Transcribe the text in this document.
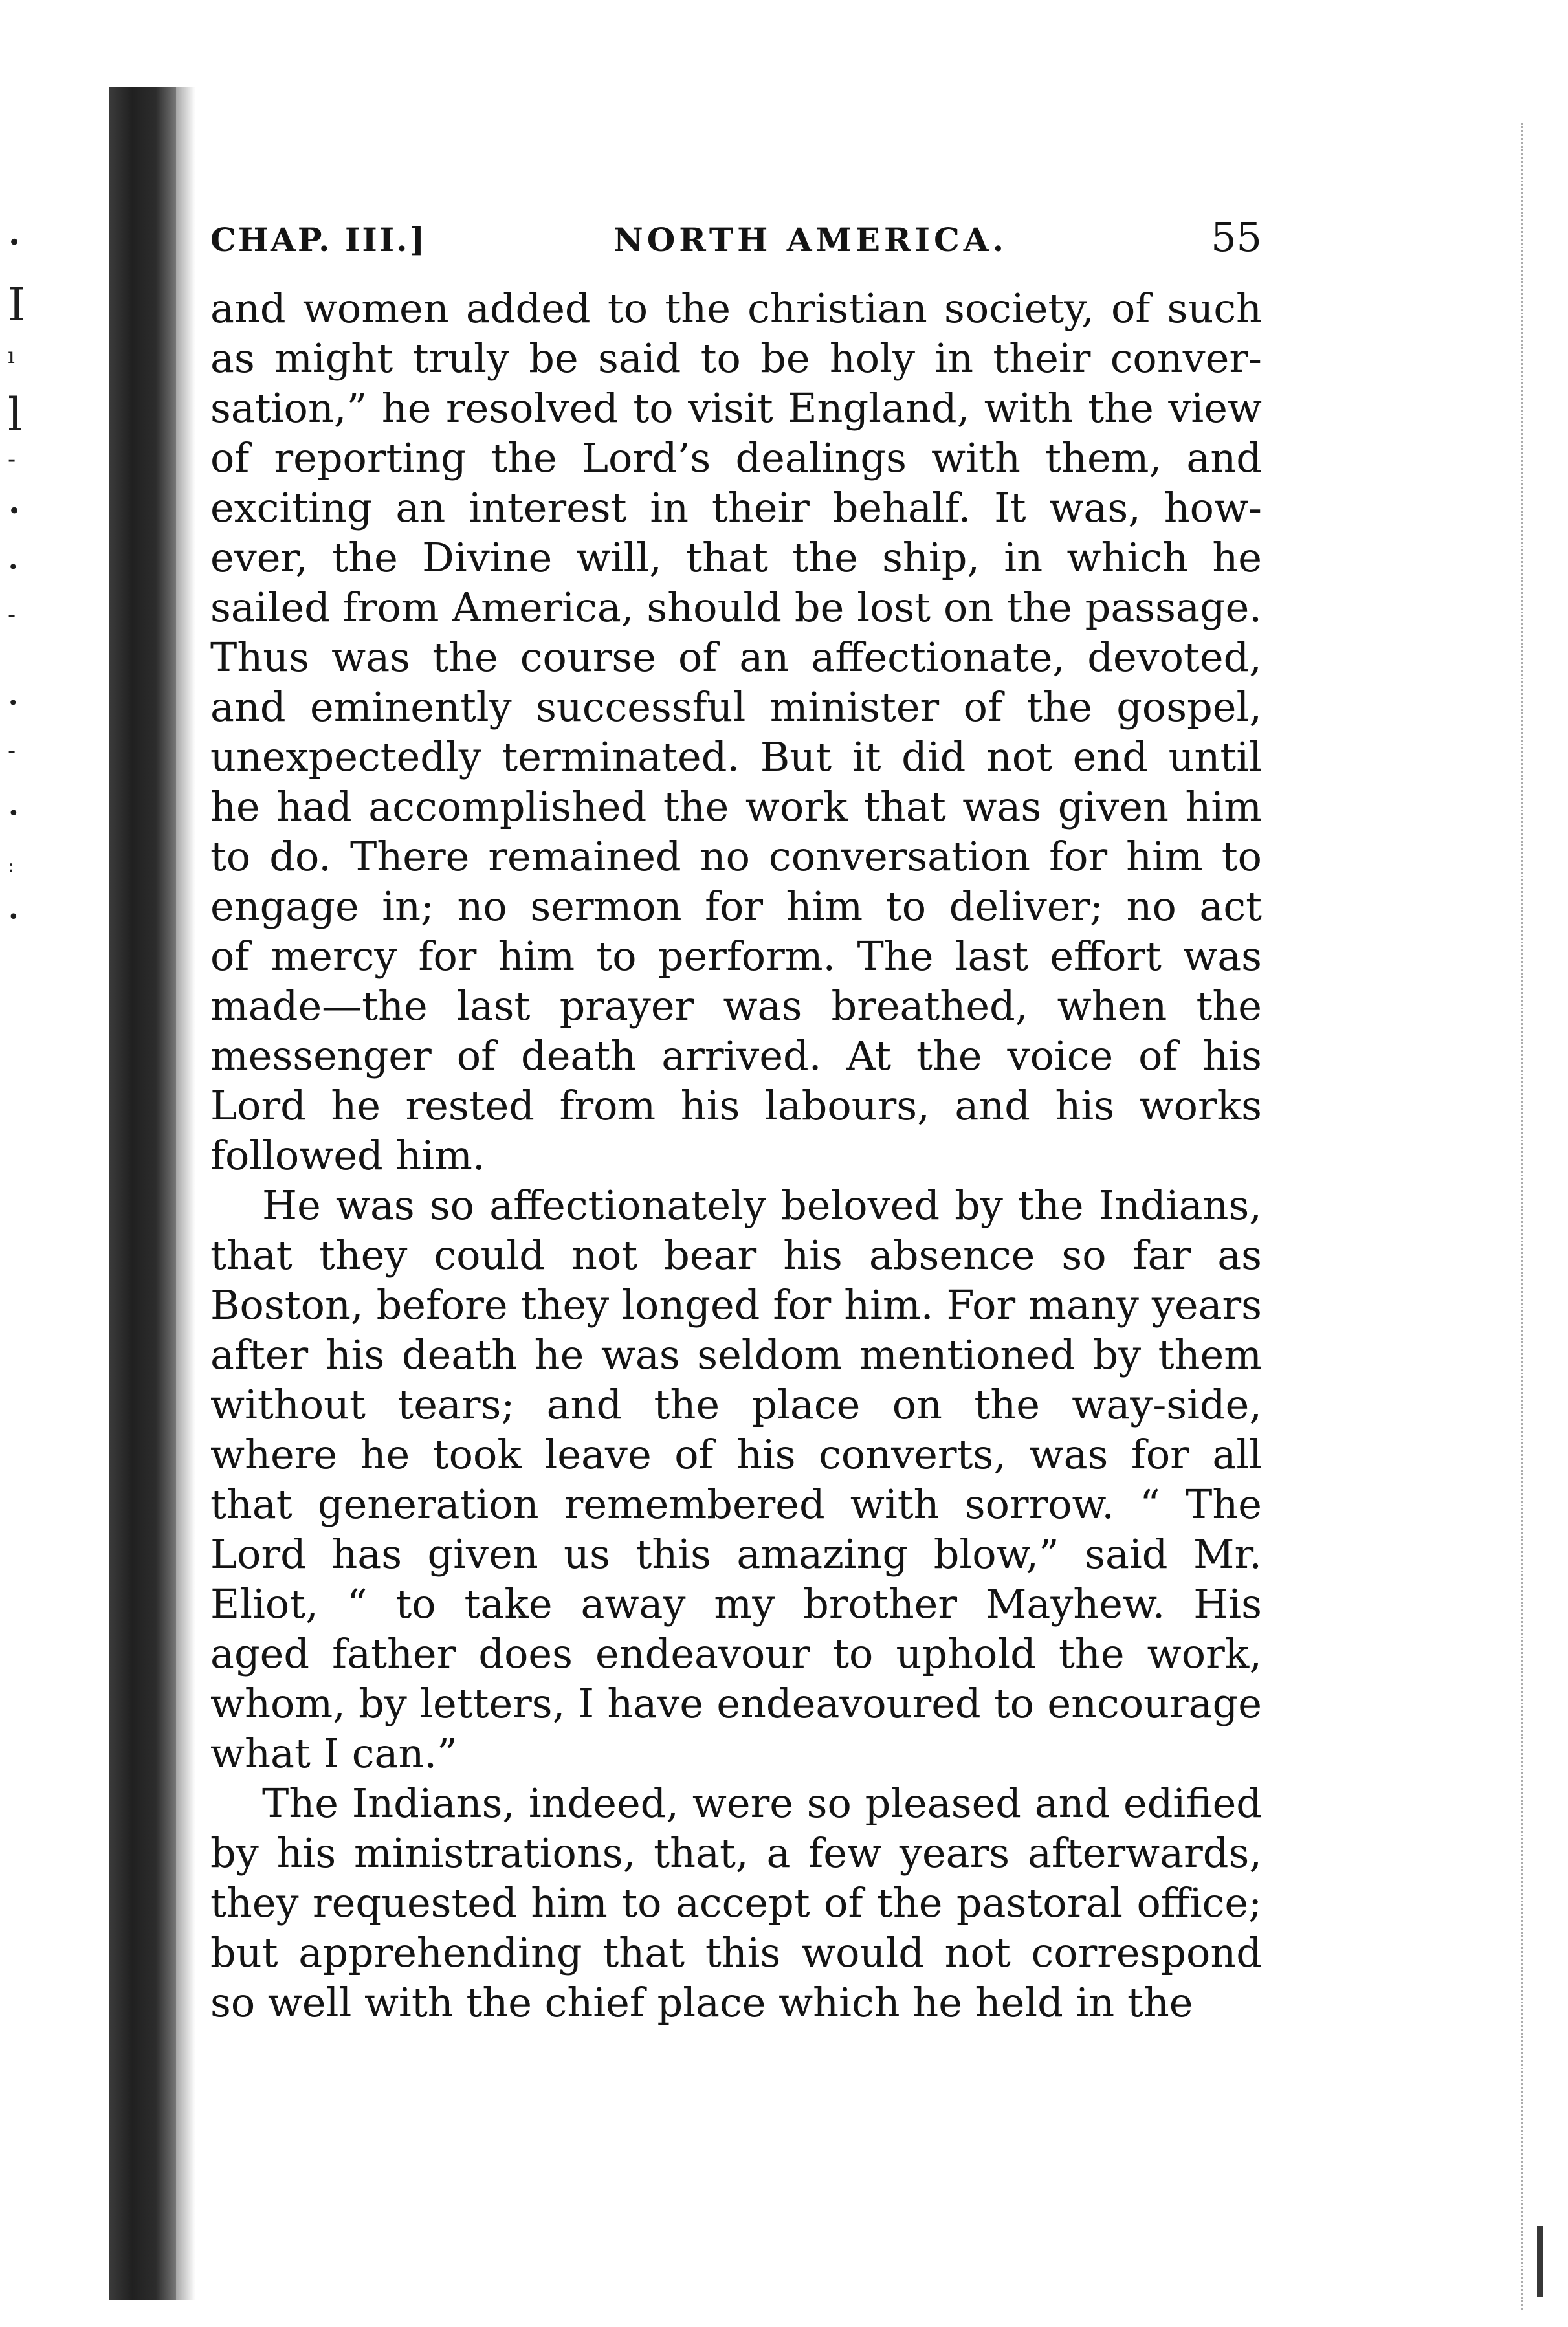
•
I
ı
l
-
•
•
-
•
-
•
:
•
CHAP. III.]	NORTH AMERICA.	55

and women added to the christian society, of such
as might truly be said to be holy in their conver-
sation,” he resolved to visit England, with the view
of reporting the Lord’s dealings with them, and
exciting an interest in their behalf. It was, how-
ever, the Divine will, that the ship, in which he
sailed from America, should be lost on the passage.
Thus was the course of an affectionate, devoted,
and eminently successful minister of the gospel,
unexpectedly terminated. But it did not end until
he had accomplished the work that was given him
to do. There remained no conversation for him to
engage in; no sermon for him to deliver; no act
of mercy for him to perform. The last effort was
made—the last prayer was breathed, when the
messenger of death arrived. At the voice of his
Lord he rested from his labours, and his works
followed him.

He was so affectionately beloved by the Indians,
that they could not bear his absence so far as
Boston, before they longed for him. For many years
after his death he was seldom mentioned by them
without tears; and the place on the way-side,
where he took leave of his converts, was for all
that generation remembered with sorrow. “ The
Lord has given us this amazing blow,” said Mr.
Eliot, “ to take away my brother Mayhew. His
aged father does endeavour to uphold the work,
whom, by letters, I have endeavoured to encourage
what I can.”

The Indians, indeed, were so pleased and edified
by his ministrations, that, a few years afterwards,
they requested him to accept of the pastoral office;
but apprehending that this would not correspond
so well with the chief place which he held in the
